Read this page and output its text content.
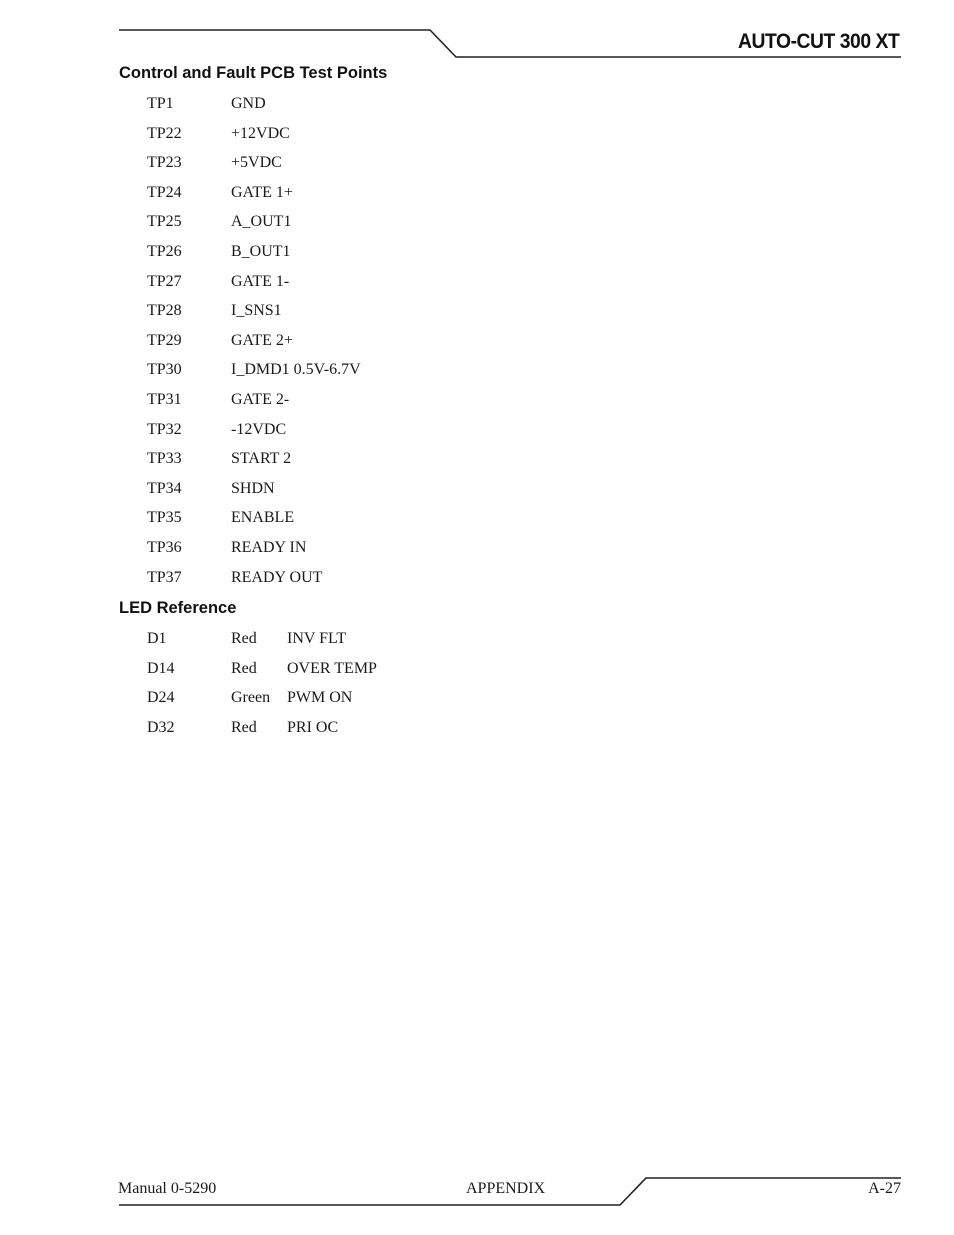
AUTO-CUT 300 XT
Control and Fault PCB Test Points
TP1	GND
TP22	+12VDC
TP23	+5VDC
TP24	GATE 1+
TP25	A_OUT1
TP26	B_OUT1
TP27	GATE 1-
TP28	I_SNS1
TP29	GATE 2+
TP30	I_DMD1 0.5V-6.7V
TP31	GATE 2-
TP32	-12VDC
TP33	START 2
TP34	SHDN
TP35	ENABLE
TP36	READY IN
TP37	READY OUT
LED Reference
D1	Red INV FLT
D14	Red OVER TEMP
D24	Green PWM ON
D32	Red PRI OC
Manual 0-5290	APPENDIX	A-27
